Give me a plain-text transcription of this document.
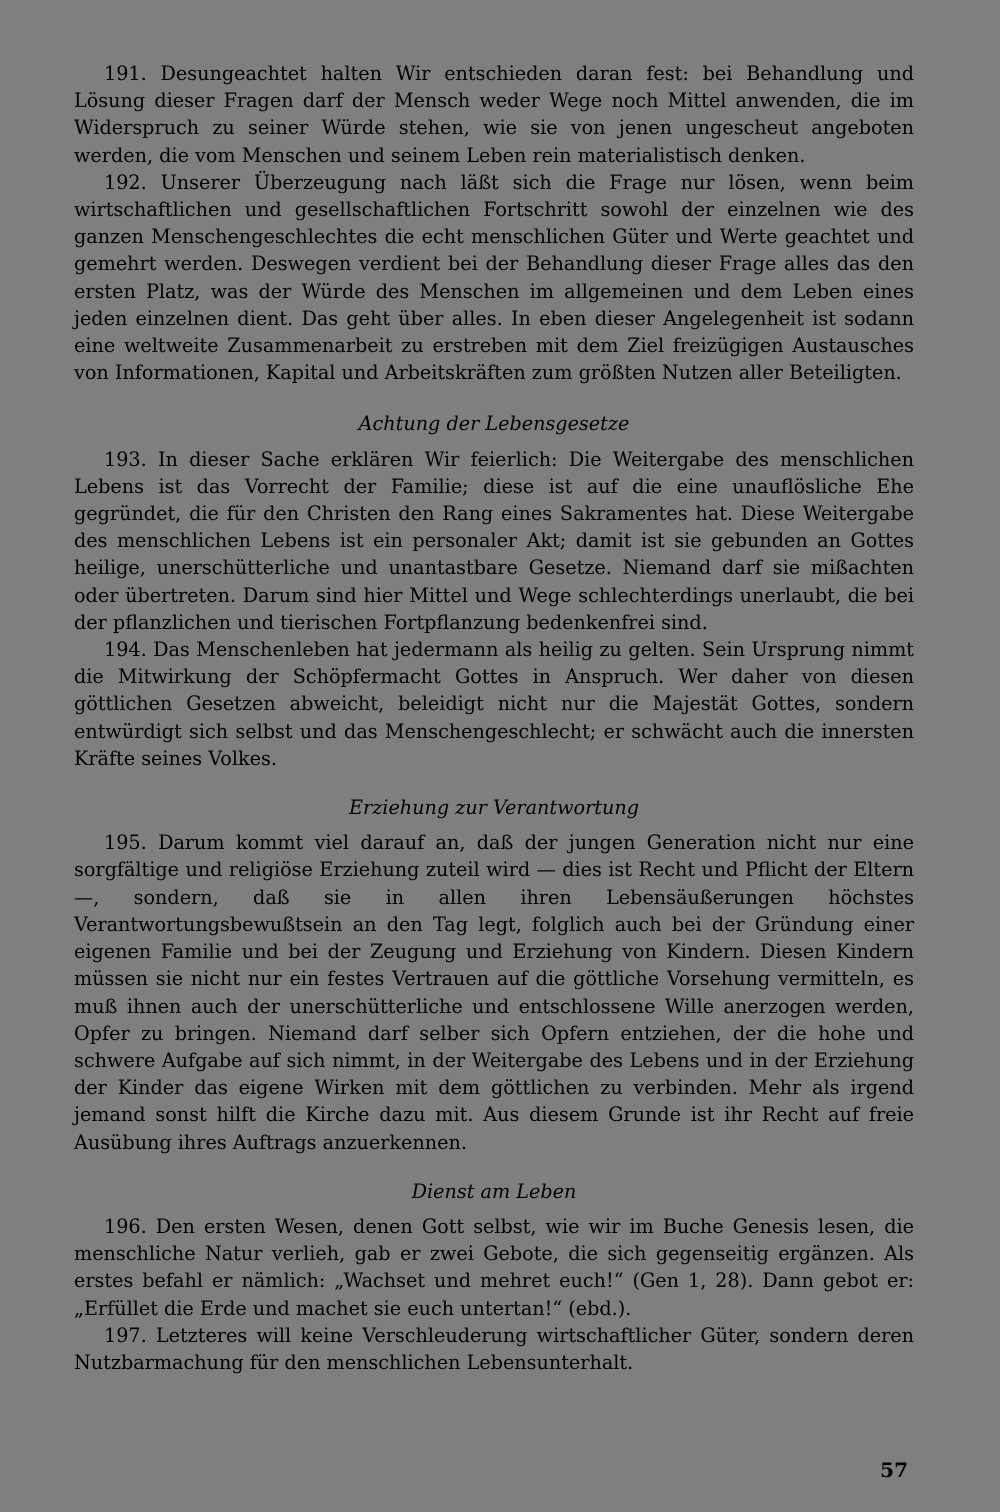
191. Desungeachtet halten Wir entschieden daran fest: bei Behandlung und Lösung dieser Fragen darf der Mensch weder Wege noch Mittel anwenden, die im Widerspruch zu seiner Würde stehen, wie sie von jenen ungescheut angeboten werden, die vom Menschen und seinem Leben rein materialistisch denken.

192. Unserer Überzeugung nach läßt sich die Frage nur lösen, wenn beim wirtschaftlichen und gesellschaftlichen Fortschritt sowohl der einzelnen wie des ganzen Menschengeschlechtes die echt menschlichen Güter und Werte geachtet und gemehrt werden. Deswegen verdient bei der Behandlung dieser Frage alles das den ersten Platz, was der Würde des Menschen im allgemeinen und dem Leben eines jeden einzelnen dient. Das geht über alles. In eben dieser Angelegenheit ist sodann eine weltweite Zusammenarbeit zu erstreben mit dem Ziel freizügigen Austausches von Informationen, Kapital und Arbeitskräften zum größten Nutzen aller Beteiligten.

Achtung der Lebensgesetze

193. In dieser Sache erklären Wir feierlich: Die Weitergabe des menschlichen Lebens ist das Vorrecht der Familie; diese ist auf die eine unauflösliche Ehe gegründet, die für den Christen den Rang eines Sakramentes hat. Diese Weitergabe des menschlichen Lebens ist ein personaler Akt; damit ist sie gebunden an Gottes heilige, unerschütterliche und unantastbare Gesetze. Niemand darf sie mißachten oder übertreten. Darum sind hier Mittel und Wege schlechterdings unerlaubt, die bei der pflanzlichen und tierischen Fortpflanzung bedenkenfrei sind.

194. Das Menschenleben hat jedermann als heilig zu gelten. Sein Ursprung nimmt die Mitwirkung der Schöpfermacht Gottes in Anspruch. Wer daher von diesen göttlichen Gesetzen abweicht, beleidigt nicht nur die Majestät Gottes, sondern entwürdigt sich selbst und das Menschengeschlecht; er schwächt auch die innersten Kräfte seines Volkes.

Erziehung zur Verantwortung

195. Darum kommt viel darauf an, daß der jungen Generation nicht nur eine sorgfältige und religiöse Erziehung zuteil wird — dies ist Recht und Pflicht der Eltern —, sondern, daß sie in allen ihren Lebensäußerungen höchstes Verantwortungsbewußtsein an den Tag legt, folglich auch bei der Gründung einer eigenen Familie und bei der Zeugung und Erziehung von Kindern. Diesen Kindern müssen sie nicht nur ein festes Vertrauen auf die göttliche Vorsehung vermitteln, es muß ihnen auch der unerschütterliche und entschlossene Wille anerzogen werden, Opfer zu bringen. Niemand darf selber sich Opfern entziehen, der die hohe und schwere Aufgabe auf sich nimmt, in der Weitergabe des Lebens und in der Erziehung der Kinder das eigene Wirken mit dem göttlichen zu verbinden. Mehr als irgend jemand sonst hilft die Kirche dazu mit. Aus diesem Grunde ist ihr Recht auf freie Ausübung ihres Auftrags anzuerkennen.

Dienst am Leben

196. Den ersten Wesen, denen Gott selbst, wie wir im Buche Genesis lesen, die menschliche Natur verlieh, gab er zwei Gebote, die sich gegenseitig ergänzen. Als erstes befahl er nämlich: „Wachset und mehret euch!“ (Gen 1, 28). Dann gebot er: „Erfüllet die Erde und machet sie euch untertan!“ (ebd.).

197. Letzteres will keine Verschleuderung wirtschaftlicher Güter, sondern deren Nutzbarmachung für den menschlichen Lebensunterhalt.

57
